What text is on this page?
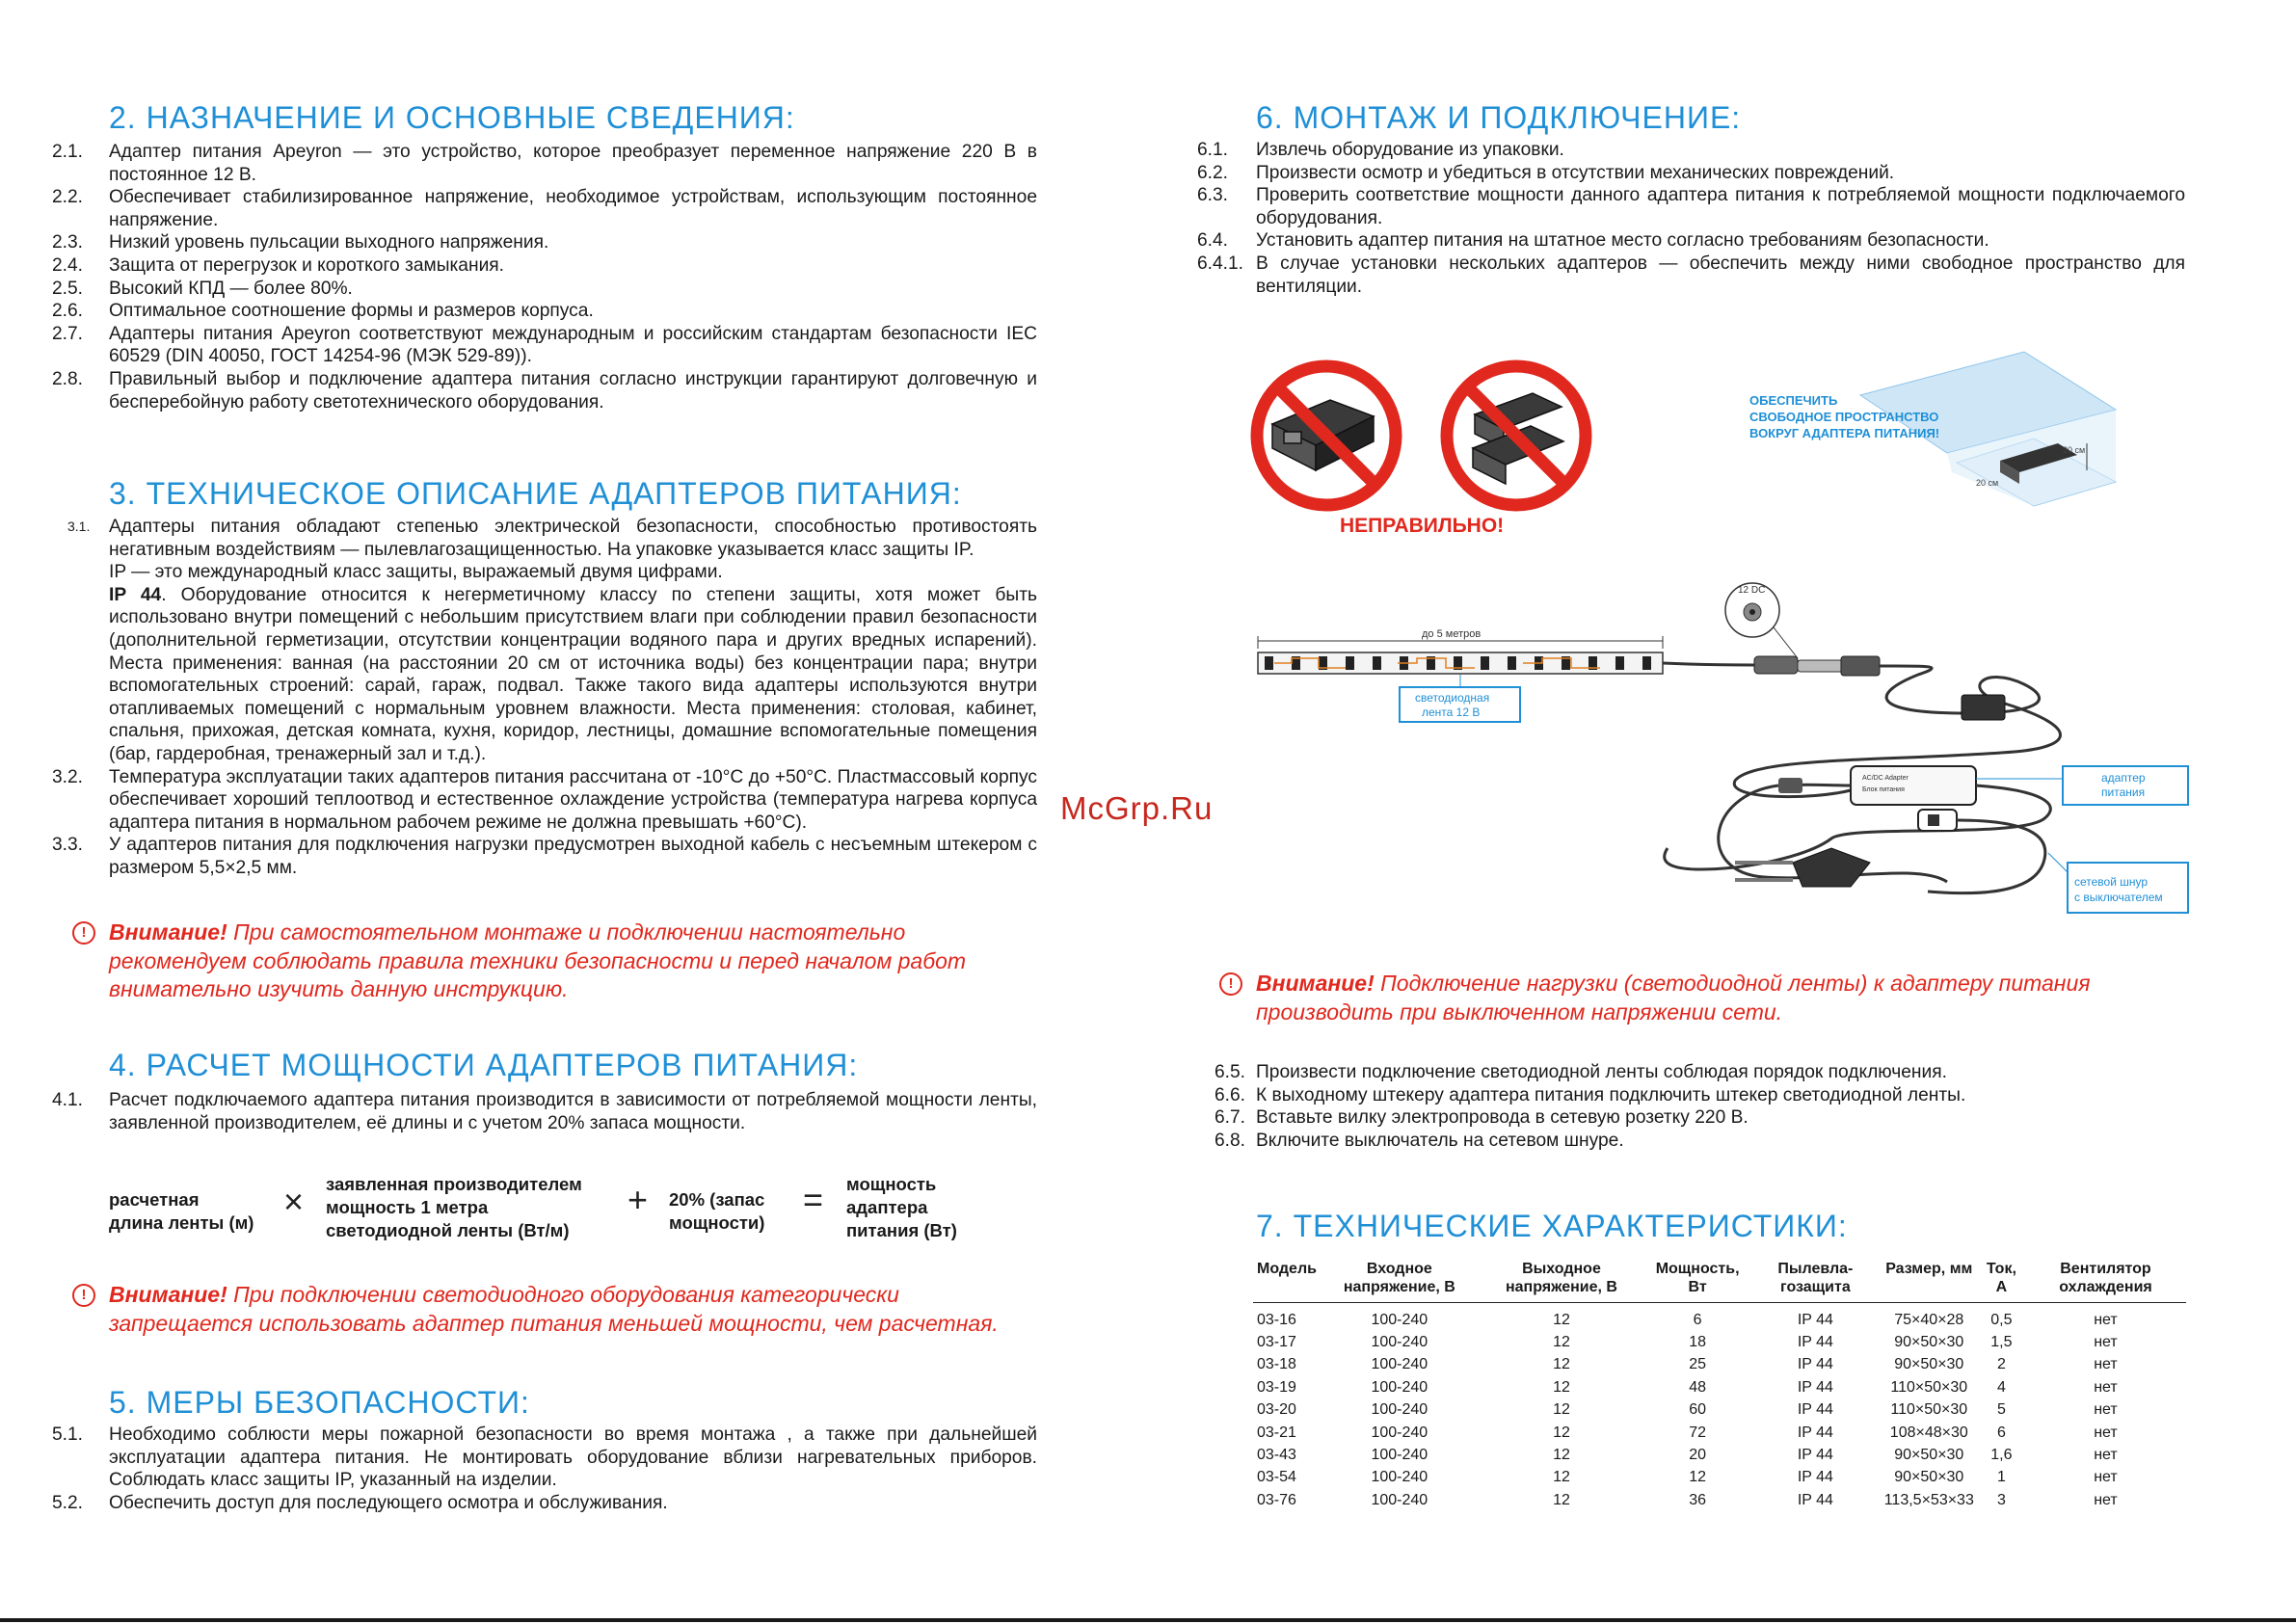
2. НАЗНАЧЕНИЕ И ОСНОВНЫЕ СВЕДЕНИЯ:
2.1.	Адаптер питания Apeyron — это устройство, которое преобразует переменное напряжение 220 В в постоянное 12 В.
2.2.	Обеспечивает стабилизированное напряжение, необходимое устройствам, использующим постоянное напряжение.
2.3.	Низкий уровень пульсации выходного напряжения.
2.4.	Защита от перегрузок и короткого замыкания.
2.5.	Высокий КПД — более 80%.
2.6.	Оптимальное соотношение формы и размеров корпуса.
2.7.	Адаптеры питания Apeyron соответствуют международным и российским стандартам безопасности IEC 60529 (DIN 40050, ГОСТ 14254-96 (МЭК 529-89)).
2.8.	Правильный выбор и подключение адаптера питания согласно инструкции гарантируют долговечную и бесперебойную работу светотехнического оборудования.
3. ТЕХНИЧЕСКОЕ ОПИСАНИЕ АДАПТЕРОВ ПИТАНИЯ:
3.1.	Адаптеры питания обладают степенью электрической безопасности, способностью противостоять негативным воздействиям — пылевлагозащищенностью. На упаковке указывается класс защиты IP.
IP — это международный класс защиты, выражаемый двумя цифрами.
IP 44. Оборудование относится к негерметичному классу по степени защиты, хотя может быть использовано внутри помещений с небольшим присутствием влаги при соблюдении правил безопасности (дополнительной герметизации, отсутствии концентрации водяного пара и других вредных испарений). Места применения: ванная (на расстоянии 20 см от источника воды) без концентрации пара; внутри вспомогательных строений: сарай, гараж, подвал. Также такого вида адаптеры используются внутри отапливаемых помещений с нормальным уровнем влажности. Места применения: столовая, кабинет, спальня, прихожая, детская комната, кухня, коридор, лестницы, домашние вспомогательные помещения (бар, гардеробная, тренажерный зал и т.д.).
3.2.	Температура эксплуатации таких адаптеров питания рассчитана от -10°C до +50°C. Пластмассовый корпус обеспечивает хороший теплоотвод и естественное охлаждение устройства (температура нагрева корпуса адаптера питания в нормальном рабочем режиме не должна превышать +60°C).
3.3.	У адаптеров питания для подключения нагрузки предусмотрен выходной кабель с несъемным штекером с размером 5,5×2,5 мм.
!	Внимание! При самостоятельном монтаже и подключении настоятельно рекомендуем соблюдать правила техники безопасности и перед началом работ внимательно изучить данную инструкцию.
4. РАСЧЕТ МОЩНОСТИ АДАПТЕРОВ ПИТАНИЯ:
4.1.	Расчет подключаемого адаптера питания производится в зависимости от потребляемой мощности ленты, заявленной производителем, её длины и с учетом 20% запаса мощности.
расчетная
длина ленты (м)
× заявленная производителем
мощность 1 метра
светодиодной ленты (Вт/м)
+ 20% (запас
мощности)
= мощность
адаптера
питания (Вт)
!	Внимание! При подключении светодиодного оборудования категорически запрещается использовать адаптер питания меньшей мощности, чем расчетная.
5. МЕРЫ БЕЗОПАСНОСТИ:
5.1.	Необходимо соблюсти меры пожарной безопасности во время монтажа , а также при дальнейшей эксплуатации адаптера питания. Не монтировать оборудование вблизи нагревательных приборов. Соблюдать класс защиты IP, указанный на изделии.
5.2.	Обеспечить доступ для последующего осмотра и обслуживания.
McGrp.Ru
6. МОНТАЖ И ПОДКЛЮЧЕНИЕ:
6.1.	Извлечь оборудование из упаковки.
6.2.	Произвести осмотр и убедиться в отсутствии механических повреждений.
6.3.	Проверить соответствие мощности данного адаптера питания к потребляемой мощности подключаемого оборудования.
6.4.	Установить адаптер питания на штатное место согласно требованиям безопасности.
6.4.1. В случае установки нескольких адаптеров — обеспечить между ними свободное пространство для вентиляции.
НЕПРАВИЛЬНО!
ОБЕСПЕЧИТЬ
СВОБОДНОЕ ПРОСТРАНСТВО
ВОКРУГ АДАПТЕРА ПИТАНИЯ!
20 см
20 см
до 5 метров
12 DC
AC/DC Adapter
Блок питания
светодиодная
лента 12 В
адаптер
питания
сетевой шнур
с выключателем
!	Внимание! Подключение нагрузки (светодиодной ленты) к адаптеру питания производить при выключенном напряжении сети.
6.5. Произвести подключение светодиодной ленты соблюдая порядок подключения.
6.6. К выходному штекеру адаптера питания подключить штекер светодиодной ленты.
6.7. Вставьте вилку электропровода в сетевую розетку 220 В.
6.8. Включите выключатель на сетевом шнуре.
7. ТЕХНИЧЕСКИЕ ХАРАКТЕРИСТИКИ:
Модель	Входное напряжение, В	Выходное напряжение, В	Мощность, Вт	Пылевла- гозащита	Размер, мм	Ток, А	Вентилятор охлаждения

03-16	100-240	12	6	IP 44	75×40×28	0,5	нет
03-17	100-240	12	18	IP 44	90×50×30	1,5	нет
03-18	100-240	12	25	IP 44	90×50×30	2	нет
03-19	100-240	12	48	IP 44	110×50×30	4	нет
03-20	100-240	12	60	IP 44	110×50×30	5	нет
03-21	100-240	12	72	IP 44	108×48×30	6	нет
03-43	100-240	12	20	IP 44	90×50×30	1,6	нет
03-54	100-240	12	12	IP 44	90×50×30	1	нет
03-76	100-240	12	36	IP 44	113,5×53×33	3	нет
